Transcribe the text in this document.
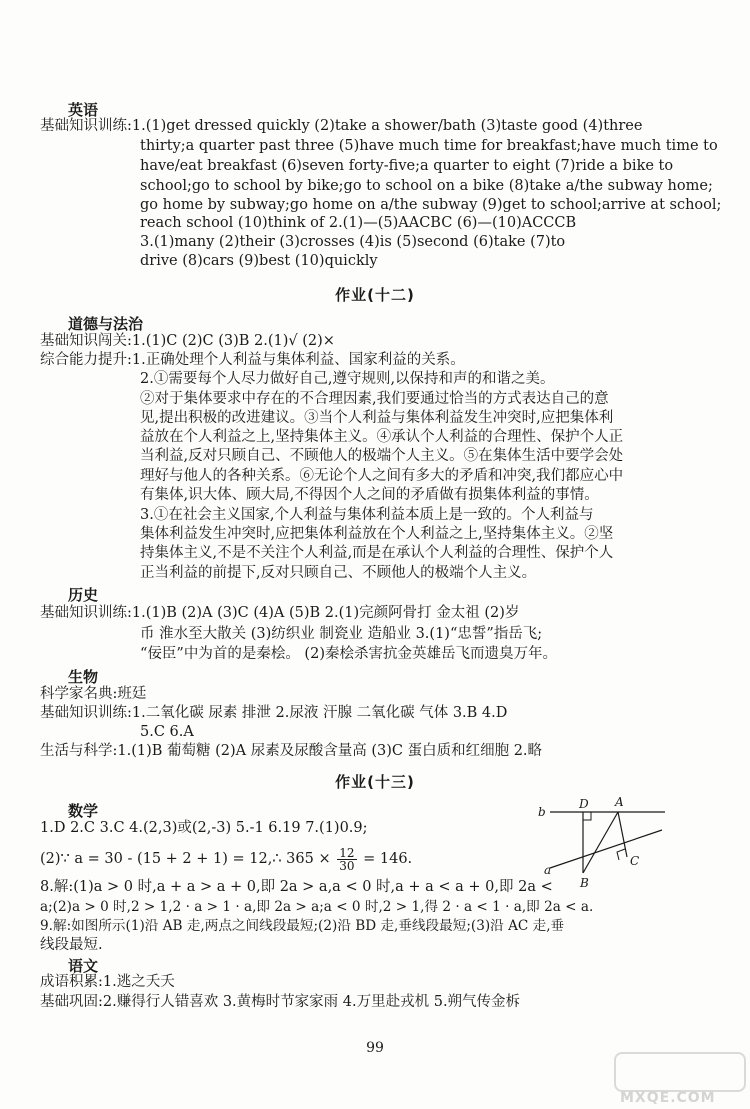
英语
基础知识训练:1.(1)get dressed quickly (2)take a shower/bath (3)taste good (4)three
thirty;a quarter past three (5)have much time for breakfast;have much time to
have/eat breakfast (6)seven forty-five;a quarter to eight (7)ride a bike to
school;go to school by bike;go to school on a bike (8)take a/the subway home;
go home by subway;go home on a/the subway (9)get to school;arrive at school;
reach school (10)think of 2.(1)—(5)AACBC (6)—(10)ACCCB
3.(1)many (2)their (3)crosses (4)is (5)second (6)take (7)to
drive (8)cars (9)best (10)quickly
作业(十二)
道德与法治
基础知识闯关:1.(1)C (2)C (3)B 2.(1)√ (2)×
综合能力提升:1.正确处理个人利益与集体利益、国家利益的关系。
2.①需要每个人尽力做好自己,遵守规则,以保持和声的和谐之美。
②对于集体要求中存在的不合理因素,我们要通过恰当的方式表达自己的意
见,提出积极的改进建议。③当个人利益与集体利益发生冲突时,应把集体利
益放在个人利益之上,坚持集体主义。④承认个人利益的合理性、保护个人正
当利益,反对只顾自己、不顾他人的极端个人主义。⑤在集体生活中要学会处
理好与他人的各种关系。⑥无论个人之间有多大的矛盾和冲突,我们都应心中
有集体,识大体、顾大局,不得因个人之间的矛盾做有损集体利益的事情。
3.①在社会主义国家,个人利益与集体利益本质上是一致的。个人利益与
集体利益发生冲突时,应把集体利益放在个人利益之上,坚持集体主义。②坚
持集体主义,不是不关注个人利益,而是在承认个人利益的合理性、保护个人
正当利益的前提下,反对只顾自己、不顾他人的极端个人主义。
历史
基础知识训练:1.(1)B (2)A (3)C (4)A (5)B 2.(1)完颜阿骨打 金太祖 (2)岁
币 淮水至大散关 (3)纺织业 制瓷业 造船业 3.(1)“忠誓”指岳飞;
“佞臣”中为首的是秦桧。 (2)秦桧杀害抗金英雄岳飞而遗臭万年。
生物
科学家名典:班廷
基础知识训练:1.二氧化碳 尿素 排泄 2.尿液 汗腺 二氧化碳 气体 3.B 4.D
5.C 6.A
生活与科学:1.(1)B 葡萄糖 (2)A 尿素及尿酸含量高 (3)C 蛋白质和红细胞 2.略
作业(十三)
数学
1.D 2.C 3.C 4.(2,3)或(2,-3) 5.-1 6.19 7.(1)0.9;
(2)∵ a = 30 - (15 + 2 + 1) = 12,∴ $365 \times \frac{12}{30} = 146$.
8.解:(1)a > 0 时,a + a > a + 0,即 2a > a,a < 0 时,a + a < a + 0,即 2a <
a;(2)a > 0 时,2 > 1,2 · a > 1 · a,即 2a > a;a < 0 时,2 > 1,得 2 · a < 1 · a,即 2a < a.
9.解:如图所示(1)沿 AB 走,两点之间线段最短;(2)沿 BD 走,垂线段最短;(3)沿 AC 走,垂
线段最短.
b
a
D A
B
C
语文
成语积累:1.逃之夭夭
基础巩固:2.赚得行人错喜欢 3.黄梅时节家家雨 4.万里赴戎机 5.朔气传金柝
99
MXQE.COM
